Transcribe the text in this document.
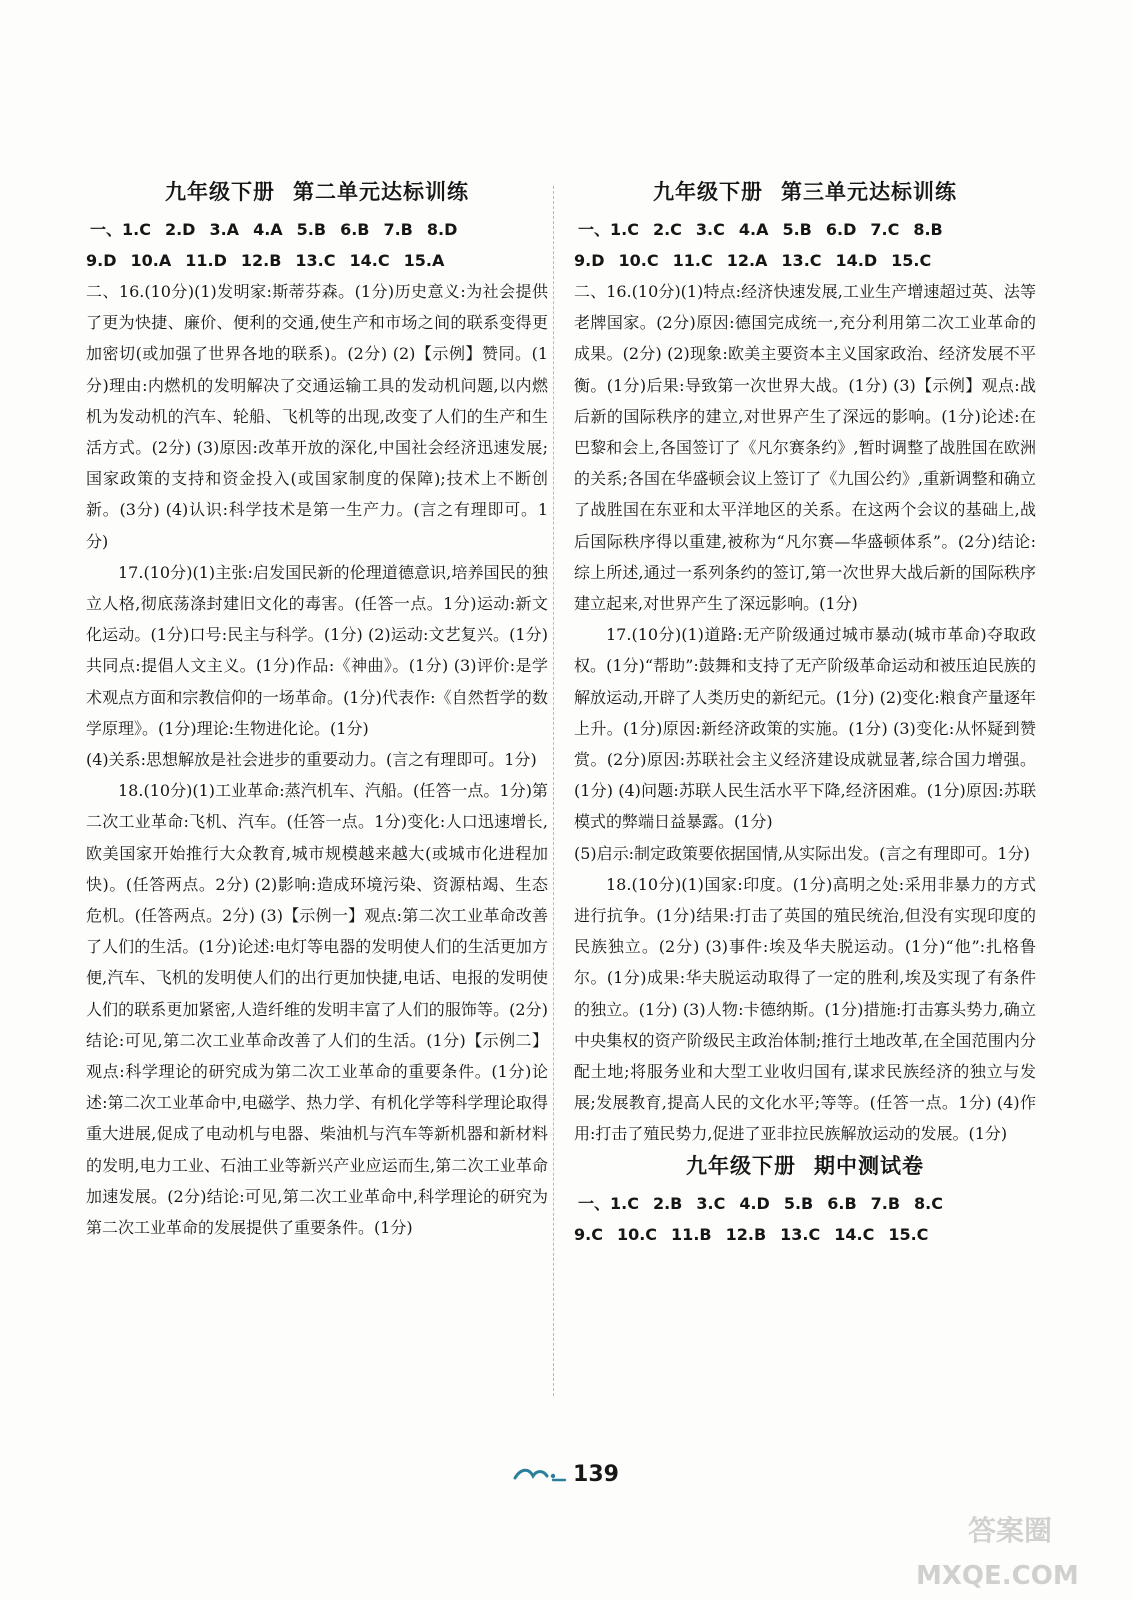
九年级下册 第二单元达标训练
一、1.C 2.D 3.A 4.A 5.B 6.B 7.B 8.D
9.D 10.A 11.D 12.B 13.C 14.C 15.A

二、16.(10分)(1)发明家:斯蒂芬森。(1分)历史意义:为社会提供了更为快捷、廉价、便利的交通,使生产和市场之间的联系变得更加密切(或加强了世界各地的联系)。(2分) (2)【示例】赞同。(1分)理由:内燃机的发明解决了交通运输工具的发动机问题,以内燃机为发动机的汽车、轮船、飞机等的出现,改变了人们的生产和生活方式。(2分) (3)原因:改革开放的深化,中国社会经济迅速发展;国家政策的支持和资金投入(或国家制度的保障);技术上不断创新。(3分) (4)认识:科学技术是第一生产力。(言之有理即可。1分)

17.(10分)(1)主张:启发国民新的伦理道德意识,培养国民的独立人格,彻底荡涤封建旧文化的毒害。(任答一点。1分)运动:新文化运动。(1分)口号:民主与科学。(1分) (2)运动:文艺复兴。(1分)共同点:提倡人文主义。(1分)作品:《神曲》。(1分) (3)评价:是学术观点方面和宗教信仰的一场革命。(1分)代表作:《自然哲学的数学原理》。(1分)理论:生物进化论。(1分)

(4)关系:思想解放是社会进步的重要动力。(言之有理即可。1分)

18.(10分)(1)工业革命:蒸汽机车、汽船。(任答一点。1分)第二次工业革命:飞机、汽车。(任答一点。1分)变化:人口迅速增长,欧美国家开始推行大众教育,城市规模越来越大(或城市化进程加快)。(任答两点。2分) (2)影响:造成环境污染、资源枯竭、生态危机。(任答两点。2分) (3)【示例一】观点:第二次工业革命改善了人们的生活。(1分)论述:电灯等电器的发明使人们的生活更加方便,汽车、飞机的发明使人们的出行更加快捷,电话、电报的发明使人们的联系更加紧密,人造纤维的发明丰富了人们的服饰等。(2分)结论:可见,第二次工业革命改善了人们的生活。(1分)【示例二】观点:科学理论的研究成为第二次工业革命的重要条件。(1分)论述:第二次工业革命中,电磁学、热力学、有机化学等科学理论取得重大进展,促成了电动机与电器、柴油机与汽车等新机器和新材料的发明,电力工业、石油工业等新兴产业应运而生,第二次工业革命加速发展。(2分)结论:可见,第二次工业革命中,科学理论的研究为第二次工业革命的发展提供了重要条件。(1分)

九年级下册 第三单元达标训练
一、1.C 2.C 3.C 4.A 5.B 6.D 7.C 8.B
9.D 10.C 11.C 12.A 13.C 14.D 15.C

二、16.(10分)(1)特点:经济快速发展,工业生产增速超过英、法等老牌国家。(2分)原因:德国完成统一,充分利用第二次工业革命的成果。(2分) (2)现象:欧美主要资本主义国家政治、经济发展不平衡。(1分)后果:导致第一次世界大战。(1分) (3)【示例】观点:战后新的国际秩序的建立,对世界产生了深远的影响。(1分)论述:在巴黎和会上,各国签订了《凡尔赛条约》,暂时调整了战胜国在欧洲的关系;各国在华盛顿会议上签订了《九国公约》,重新调整和确立了战胜国在东亚和太平洋地区的关系。在这两个会议的基础上,战后国际秩序得以重建,被称为“凡尔赛—华盛顿体系”。(2分)结论:综上所述,通过一系列条约的签订,第一次世界大战后新的国际秩序建立起来,对世界产生了深远影响。(1分)

17.(10分)(1)道路:无产阶级通过城市暴动(城市革命)夺取政权。(1分)“帮助”:鼓舞和支持了无产阶级革命运动和被压迫民族的解放运动,开辟了人类历史的新纪元。(1分) (2)变化:粮食产量逐年上升。(1分)原因:新经济政策的实施。(1分) (3)变化:从怀疑到赞赏。(2分)原因:苏联社会主义经济建设成就显著,综合国力增强。(1分) (4)问题:苏联人民生活水平下降,经济困难。(1分)原因:苏联模式的弊端日益暴露。(1分)

(5)启示:制定政策要依据国情,从实际出发。(言之有理即可。1分)

18.(10分)(1)国家:印度。(1分)高明之处:采用非暴力的方式进行抗争。(1分)结果:打击了英国的殖民统治,但没有实现印度的民族独立。(2分) (3)事件:埃及华夫脱运动。(1分)“他”:扎格鲁尔。(1分)成果:华夫脱运动取得了一定的胜利,埃及实现了有条件的独立。(1分) (3)人物:卡德纳斯。(1分)措施:打击寡头势力,确立中央集权的资产阶级民主政治体制;推行土地改革,在全国范围内分配土地;将服务业和大型工业收归国有,谋求民族经济的独立与发展;发展教育,提高人民的文化水平;等等。(任答一点。1分) (4)作用:打击了殖民势力,促进了亚非拉民族解放运动的发展。(1分)

九年级下册 期中测试卷
一、1.C 2.B 3.C 4.D 5.B 6.B 7.B 8.C
9.C 10.C 11.B 12.B 13.C 14.C 15.C
139
答案圈
MXQE.COM
